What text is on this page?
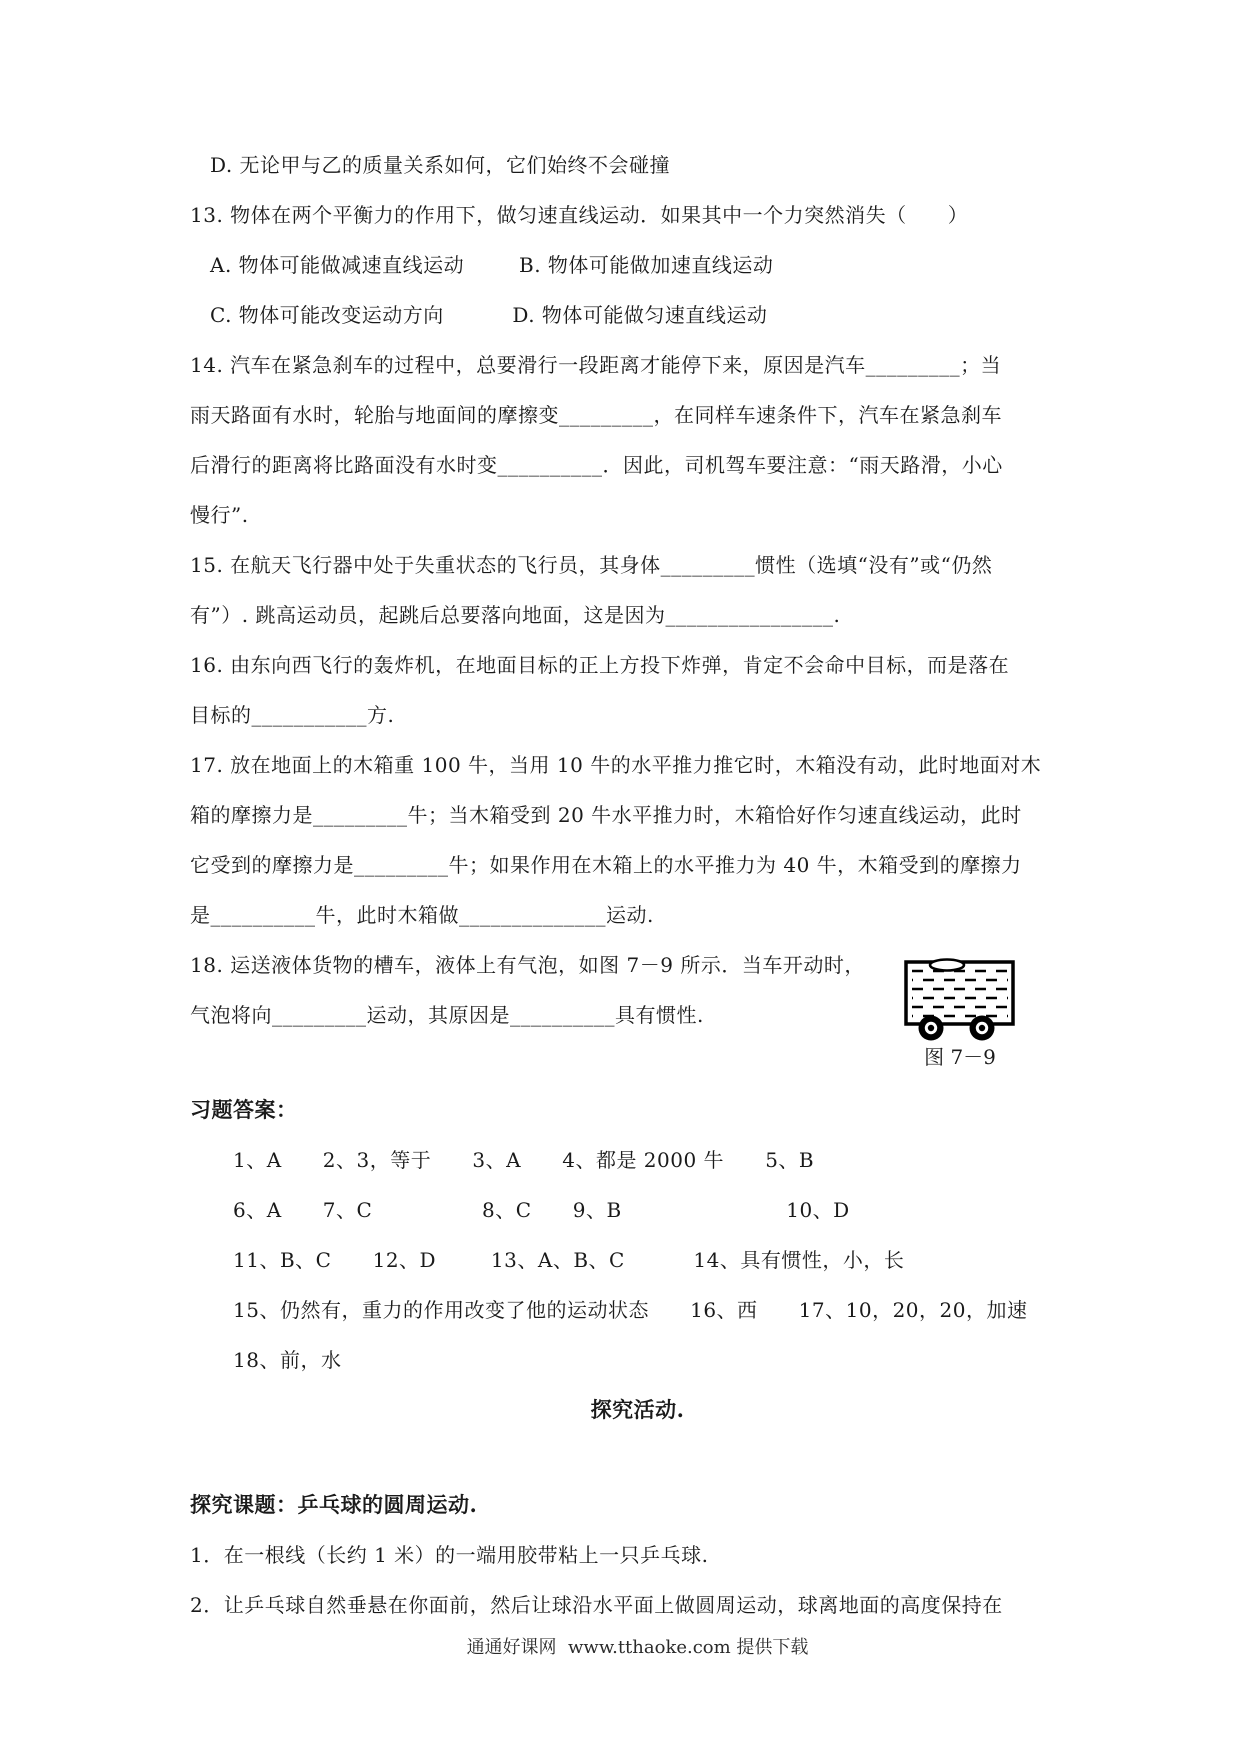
D. 无论甲与乙的质量关系如何，它们始终不会碰撞
13. 物体在两个平衡力的作用下，做匀速直线运动．如果其中一个力突然消失（      ）
A. 物体可能做减速直线运动        B. 物体可能做加速直线运动
C. 物体可能改变运动方向          D. 物体可能做匀速直线运动
14. 汽车在紧急刹车的过程中，总要滑行一段距离才能停下来，原因是汽车_________；当
雨天路面有水时，轮胎与地面间的摩擦变_________，在同样车速条件下，汽车在紧急刹车
后滑行的距离将比路面没有水时变__________．因此，司机驾车要注意：“雨天路滑，小心
慢行”.
15. 在航天飞行器中处于失重状态的飞行员，其身体_________惯性（选填“没有”或“仍然
有”）. 跳高运动员，起跳后总要落向地面，这是因为________________.
16. 由东向西飞行的轰炸机，在地面目标的正上方投下炸弹，肯定不会命中目标，而是落在
目标的___________方.
17. 放在地面上的木箱重 100 牛，当用 10 牛的水平推力推它时，木箱没有动，此时地面对木
箱的摩擦力是_________牛；当木箱受到 20 牛水平推力时，木箱恰好作匀速直线运动，此时
它受到的摩擦力是_________牛；如果作用在木箱上的水平推力为 40 牛，木箱受到的摩擦力
是__________牛，此时木箱做______________运动.
18. 运送液体货物的槽车，液体上有气泡，如图 7－9 所示．当车开动时，
气泡将向_________运动，其原因是__________具有惯性.
习题答案：
1、A      2、3，等于      3、A      4、都是 2000 牛      5、B
6、A      7、C                8、C      9、B                        10、D
11、B、C      12、D        13、A、B、C          14、具有惯性，小，长
15、仍然有，重力的作用改变了他的运动状态      16、西      17、10，20，20，加速
18、前，水
探究活动.
探究课题：乒乓球的圆周运动.
1．在一根线（长约 1 米）的一端用胶带粘上一只乒乓球.
2．让乒乓球自然垂悬在你面前，然后让球沿水平面上做圆周运动，球离地面的高度保持在
通通好课网  www.tthaoke.com 提供下载
图 7－9
